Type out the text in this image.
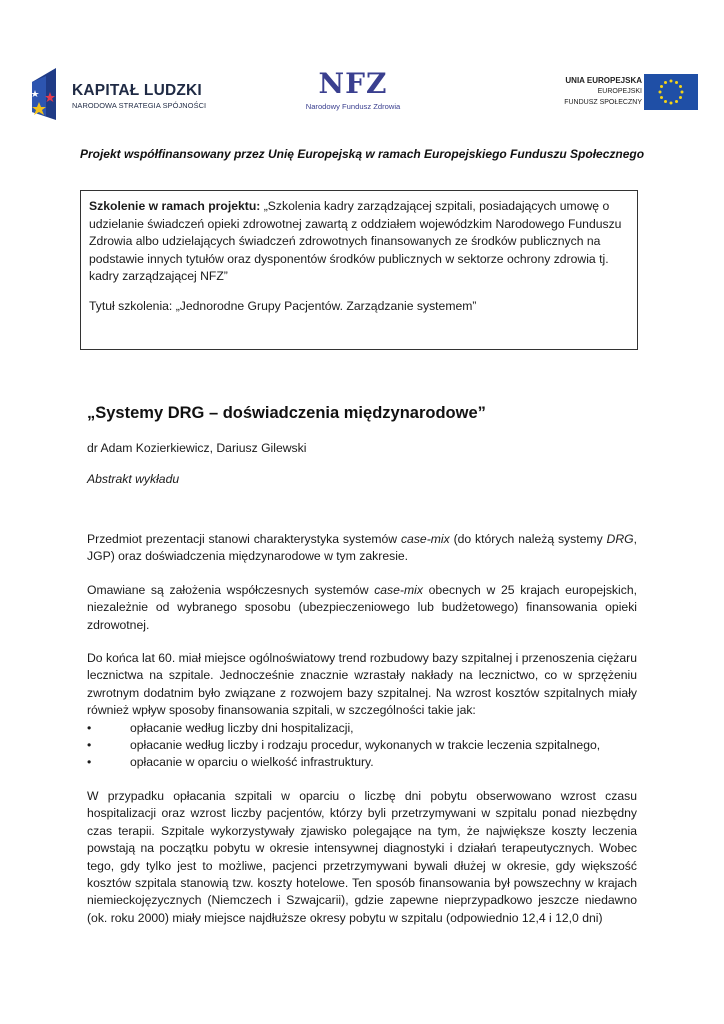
KAPITAŁ LUDZKI
NARODOWA STRATEGIA SPÓJNOŚCI
NFZ
Narodowy Fundusz Zdrowia
UNIA EUROPEJSKA
EUROPEJSKI
FUNDUSZ SPOŁECZNY
Projekt współfinansowany przez Unię Europejską w ramach Europejskiego Funduszu Społecznego

Szkolenie w ramach projektu: „Szkolenia kadry zarządzającej szpitali, posiadających umowę o udzielanie świadczeń opieki zdrowotnej zawartą z oddziałem wojewódzkim Narodowego Funduszu Zdrowia albo udzielających świadczeń zdrowotnych finansowanych ze środków publicznych na podstawie innych tytułów oraz dysponentów środków publicznych w sektorze ochrony zdrowia tj. kadry zarządzającej NFZ”

Tytuł szkolenia: „Jednorodne Grupy Pacjentów. Zarządzanie systemem”

„Systemy DRG – doświadczenia międzynarodowe”
dr Adam Kozierkiewicz, Dariusz Gilewski
Abstrakt wykładu

Przedmiot prezentacji stanowi charakterystyka systemów case-mix (do których należą systemy DRG, JGP) oraz doświadczenia międzynarodowe w tym zakresie.

Omawiane są założenia współczesnych systemów case-mix obecnych w 25 krajach europejskich, niezależnie od wybranego sposobu (ubezpieczeniowego lub budżetowego) finansowania opieki zdrowotnej.

Do końca lat 60. miał miejsce ogólnoświatowy trend rozbudowy bazy szpitalnej i przenoszenia ciężaru lecznictwa na szpitale. Jednocześnie znacznie wzrastały nakłady na lecznictwo, co w sprzężeniu zwrotnym dodatnim było związane z rozwojem bazy szpitalnej. Na wzrost kosztów szpitalnych miały również wpływ sposoby finansowania szpitali, w szczególności takie jak:

•	opłacanie według liczby dni hospitalizacji,
•	opłacanie według liczby i rodzaju procedur, wykonanych w trakcie leczenia szpitalnego,
•	opłacanie w oparciu o wielkość infrastruktury.

W przypadku opłacania szpitali w oparciu o liczbę dni pobytu obserwowano wzrost czasu hospitalizacji oraz wzrost liczby pacjentów, którzy byli przetrzymywani w szpitalu ponad niezbędny czas terapii. Szpitale wykorzystywały zjawisko polegające na tym, że największe koszty leczenia powstają na początku pobytu w okresie intensywnej diagnostyki i działań terapeutycznych. Wobec tego, gdy tylko jest to możliwe, pacjenci przetrzymywani bywali dłużej w okresie, gdy większość kosztów szpitala stanowią tzw. koszty hotelowe. Ten sposób finansowania był powszechny w krajach niemieckojęzycznych (Niemczech i Szwajcarii), gdzie zapewne nieprzypadkowo jeszcze niedawno (ok. roku 2000) miały miejsce najdłuższe okresy pobytu w szpitalu (odpowiednio 12,4 i 12,0 dni)
